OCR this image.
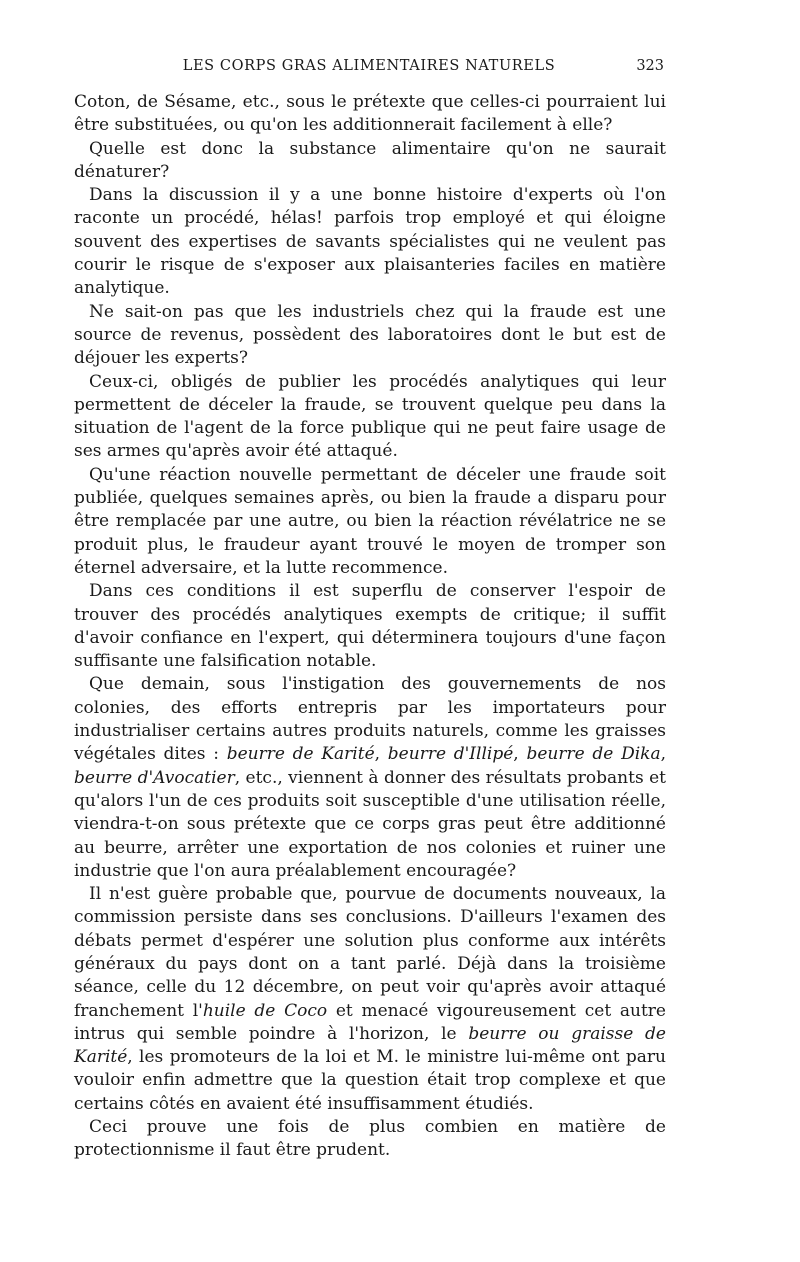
LES CORPS GRAS ALIMENTAIRES NATURELS	323

Coton, de Sésame, etc., sous le prétexte que celles-ci pourraient lui être substituées, ou qu'on les additionnerait facilement à elle?

Quelle est donc la substance alimentaire qu'on ne saurait dénaturer?

Dans la discussion il y a une bonne histoire d'experts où l'on raconte un procédé, hélas! parfois trop employé et qui éloigne souvent des expertises de savants spécialistes qui ne veulent pas courir le risque de s'exposer aux plaisanteries faciles en matière analytique.

Ne sait-on pas que les industriels chez qui la fraude est une source de revenus, possèdent des laboratoires dont le but est de déjouer les experts?

Ceux-ci, obligés de publier les procédés analytiques qui leur permettent de déceler la fraude, se trouvent quelque peu dans la situation de l'agent de la force publique qui ne peut faire usage de ses armes qu'après avoir été attaqué.

Qu'une réaction nouvelle permettant de déceler une fraude soit publiée, quelques semaines après, ou bien la fraude a disparu pour être remplacée par une autre, ou bien la réaction révélatrice ne se produit plus, le fraudeur ayant trouvé le moyen de tromper son éternel adversaire, et la lutte recommence.

Dans ces conditions il est superflu de conserver l'espoir de trouver des procédés analytiques exempts de critique; il suffit d'avoir confiance en l'expert, qui déterminera toujours d'une façon suffisante une falsification notable.

Que demain, sous l'instigation des gouvernements de nos colonies, des efforts entrepris par les importateurs pour industrialiser certains autres produits naturels, comme les graisses végétales dites : beurre de Karité, beurre d'Illipé, beurre de Dika, beurre d'Avocatier, etc., viennent à donner des résultats probants et qu'alors l'un de ces produits soit susceptible d'une utilisation réelle, viendra-t-on sous prétexte que ce corps gras peut être additionné au beurre, arrêter une exportation de nos colonies et ruiner une industrie que l'on aura préalablement encouragée?

Il n'est guère probable que, pourvue de documents nouveaux, la commission persiste dans ses conclusions. D'ailleurs l'examen des débats permet d'espérer une solution plus conforme aux intérêts généraux du pays dont on a tant parlé. Déjà dans la troisième séance, celle du 12 décembre, on peut voir qu'après avoir attaqué franchement l'huile de Coco et menacé vigoureusement cet autre intrus qui semble poindre à l'horizon, le beurre ou graisse de Karité, les promoteurs de la loi et M. le ministre lui-même ont paru vouloir enfin admettre que la question était trop complexe et que certains côtés en avaient été insuffisamment étudiés.

Ceci prouve une fois de plus combien en matière de protectionnisme il faut être prudent.
